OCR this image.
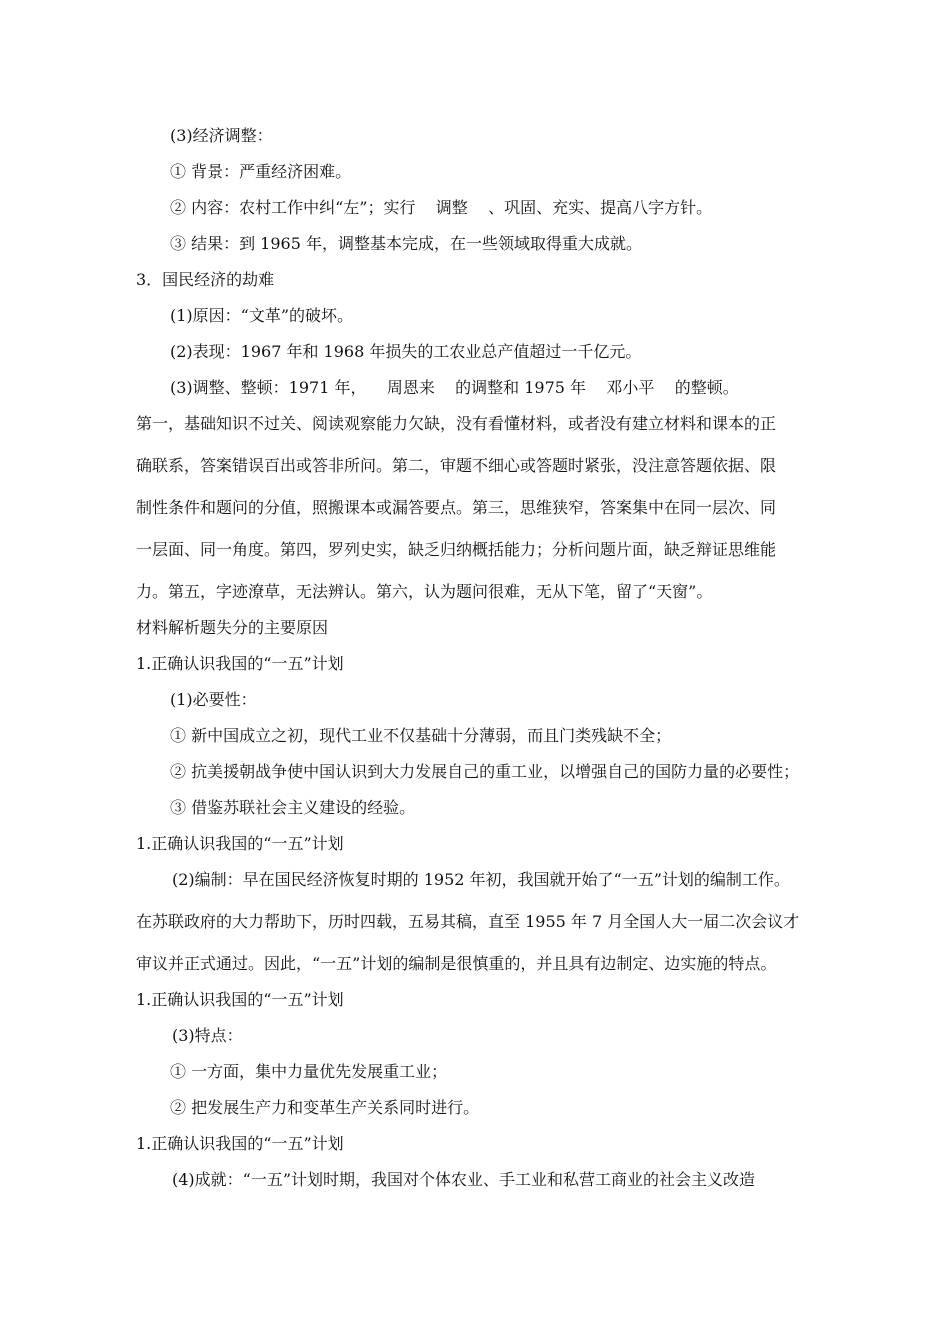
(3)经济调整：
① 背景：严重经济困难。
② 内容：农村工作中纠“左”；实行    调整    、巩固、充实、提高八字方针。
③ 结果：到 1965 年，调整基本完成，在一些领域取得重大成就。
3．国民经济的劫难
(1)原因：“文革”的破坏。
(2)表现：1967 年和 1968 年损失的工农业总产值超过一千亿元。
(3)调整、整顿：1971 年，    周恩来    的调整和 1975 年    邓小平    的整顿。
第一，基础知识不过关、阅读观察能力欠缺，没有看懂材料，或者没有建立材料和课本的正
确联系，答案错误百出或答非所问。第二，审题不细心或答题时紧张，没注意答题依据、限
制性条件和题问的分值，照搬课本或漏答要点。第三，思维狭窄，答案集中在同一层次、同
一层面、同一角度。第四，罗列史实，缺乏归纳概括能力；分析问题片面，缺乏辩证思维能
力。第五，字迹潦草，无法辨认。第六，认为题问很难，无从下笔，留了“天窗”。
材料解析题失分的主要原因
1.正确认识我国的“一五”计划
(1)必要性：
① 新中国成立之初，现代工业不仅基础十分薄弱，而且门类残缺不全；
② 抗美援朝战争使中国认识到大力发展自己的重工业，以增强自己的国防力量的必要性；
③ 借鉴苏联社会主义建设的经验。
1.正确认识我国的“一五”计划
(2)编制：早在国民经济恢复时期的 1952 年初，我国就开始了“一五”计划的编制工作。
在苏联政府的大力帮助下，历时四载，五易其稿，直至 1955 年 7 月全国人大一届二次会议才
审议并正式通过。因此，“一五”计划的编制是很慎重的，并且具有边制定、边实施的特点。
1.正确认识我国的“一五”计划
(3)特点：
① 一方面，集中力量优先发展重工业；
② 把发展生产力和变革生产关系同时进行。
1.正确认识我国的“一五”计划
(4)成就：“一五”计划时期，我国对个体农业、手工业和私营工商业的社会主义改造
